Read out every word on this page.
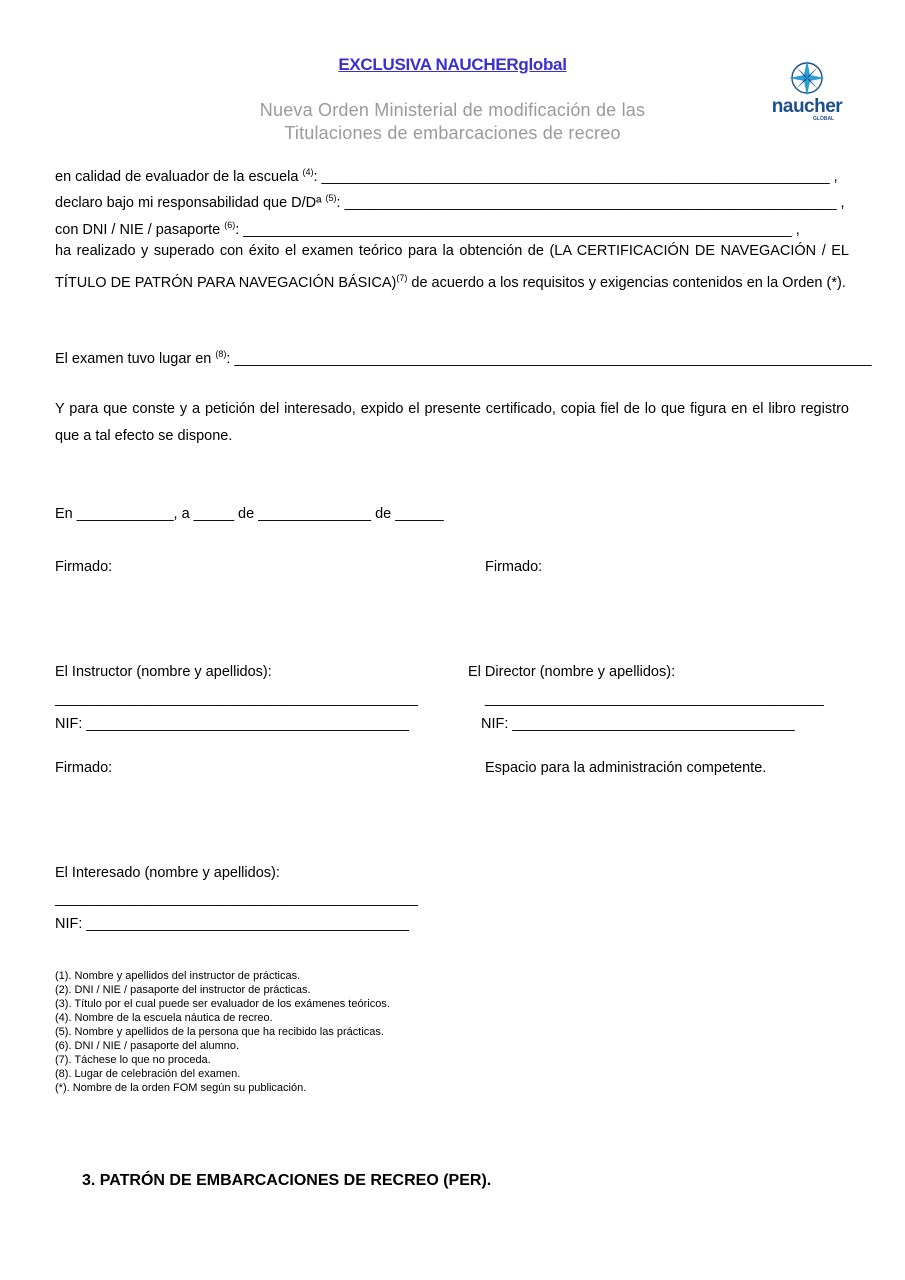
EXCLUSIVA NAUCHERglobal
Nueva Orden Ministerial de modificación de las
Titulaciones de embarcaciones de recreo
naucher
GLOBAL
en calidad de evaluador de la escuela $^{(4)}$: _______________________________________________________________ ,
declaro bajo mi responsabilidad que D/Dª $^{(5)}$: _____________________________________________________________ ,
con DNI / NIE / pasaporte $^{(6)}$: ____________________________________________________________________ ,
ha realizado y superado con éxito el examen teórico para la obtención de (LA CERTIFICACIÓN DE NAVEGACIÓN / EL TÍTULO DE PATRÓN PARA NAVEGACIÓN BÁSICA)$^{(7)}$ de acuerdo a los requisitos y exigencias contenidos en la Orden (*).
El examen tuvo lugar en $^{(8)}$: _______________________________________________________________________________
Y para que conste y a petición del interesado, expido el presente certificado, copia fiel de lo que figura en el libro registro que a tal efecto se dispone.
En ____________, a _____ de ______________ de ______
Firmado:	Firmado:
El Instructor (nombre y apellidos):	El Director (nombre y apellidos):
_____________________________________________	__________________________________________
NIF: ________________________________________	NIF: ___________________________________
Firmado:	Espacio para la administración competente.
El Interesado (nombre y apellidos):
_____________________________________________
NIF: ________________________________________
(1). Nombre y apellidos del instructor de prácticas.
(2). DNI / NIE / pasaporte del instructor de prácticas.
(3). Título por el cual puede ser evaluador de los exámenes teóricos.
(4). Nombre de la escuela náutica de recreo.
(5). Nombre y apellidos de la persona que ha recibido las prácticas.
(6). DNI / NIE / pasaporte del alumno.
(7). Táchese lo que no proceda.
(8). Lugar de celebración del examen.
(*). Nombre de la orden FOM según su publicación.
3. PATRÓN DE EMBARCACIONES DE RECREO (PER).
